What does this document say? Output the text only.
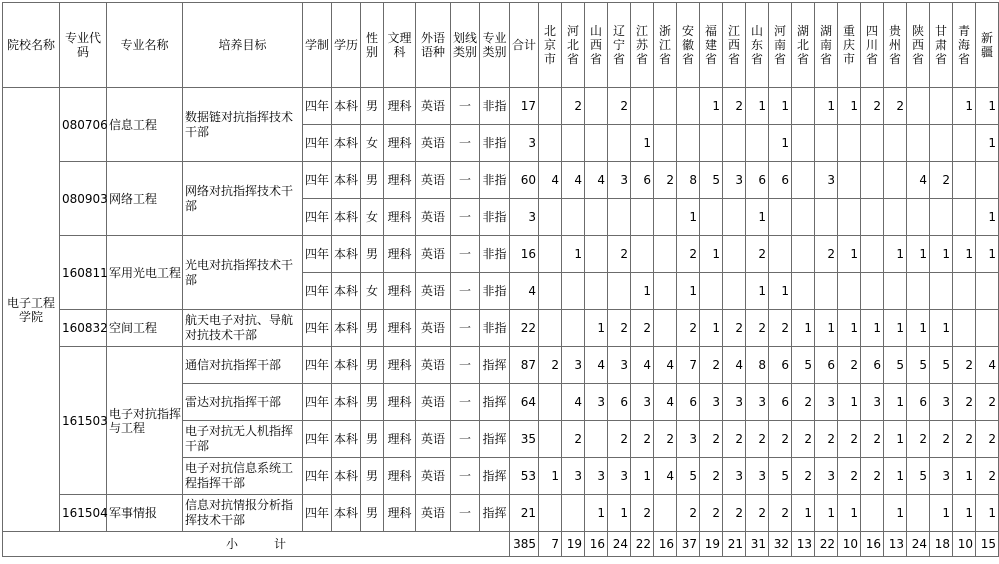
院校名称	专业代码	专业名称	培养目标	学制	学历	性别	文理科	外语语种	划线类别	专业类别	合计	北京市	河北省	山西省	辽宁省	江苏省	浙江省	安徽省	福建省	江西省	山东省	河南省	湖北省	湖南省	重庆市	四川省	贵州省	陕西省	甘肃省	青海省	新疆
电子工程学院	080706	信息工程	数据链对抗指挥技术干部	四年	本科	男	理科	英语	一	非指	17		2		2				1	2	1	1		1	1	2	2			1	1
				四年	本科	女	理科	英语	一	非指	3					1						1									1
	080903	网络工程	网络对抗指挥技术干部	四年	本科	男	理科	英语	一	非指	60	4	4	4	3	6	2	8	5	3	6	6		3				4	2		
				四年	本科	女	理科	英语	一	非指	3							1			1										1
	160811	军用光电工程	光电对抗指挥技术干部	四年	本科	男	理科	英语	一	非指	16		1		2			2	1		2			2	1		1	1	1	1	1
				四年	本科	女	理科	英语	一	非指	4					1		1			1	1									
	160832	空间工程	航天电子对抗、导航对抗技术干部	四年	本科	男	理科	英语	一	非指	22			1	2	2		2	1	2	2	2	1	1	1	1	1	1	1		
	161503	电子对抗指挥与工程	通信对抗指挥干部	四年	本科	男	理科	英语	一	指挥	87	2	3	4	3	4	4	7	2	4	8	6	5	6	2	6	5	5	5	2	4
			雷达对抗指挥干部	四年	本科	男	理科	英语	一	指挥	64		4	3	6	3	4	6	3	3	3	6	2	3	1	3	1	6	3	2	2
			电子对抗无人机指挥干部	四年	本科	男	理科	英语	一	指挥	35		2		2	2	2	3	2	2	2	2	2	2	2	2	1	2	2	2	2
			电子对抗信息系统工程指挥干部	四年	本科	男	理科	英语	一	指挥	53	1	3	3	3	1	4	5	2	3	3	5	2	3	2	2	1	5	3	1	2
	161504	军事情报	信息对抗情报分析指挥技术干部	四年	本科	男	理科	英语	一	指挥	21			1	1	2		2	2	2	2	2	1	1	1		1		1	1	1
小　　　计											385	7	19	16	24	22	16	37	19	21	31	32	13	22	10	16	13	24	18	10	15
